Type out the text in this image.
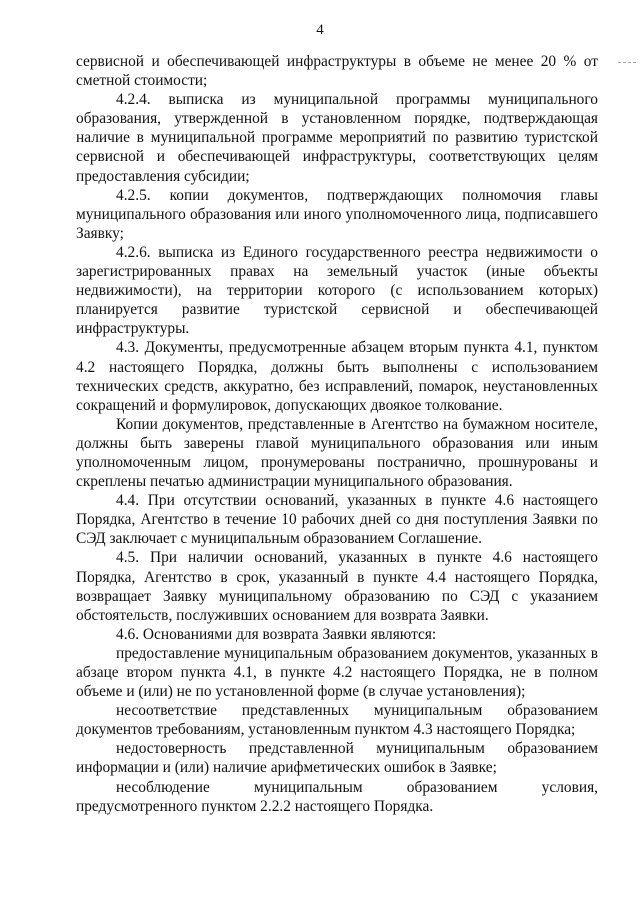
4

сервисной и обеспечивающей инфраструктуры в объеме не менее 20 % от сметной стоимости;

4.2.4. выписка из муниципальной программы муниципального образования, утвержденной в установленном порядке, подтверждающая наличие в муниципальной программе мероприятий по развитию туристской сервисной и обеспечивающей инфраструктуры, соответствующих целям предоставления субсидии;

4.2.5. копии документов, подтверждающих полномочия главы муниципального образования или иного уполномоченного лица, подписавшего Заявку;

4.2.6. выписка из Единого государственного реестра недвижимости о зарегистрированных правах на земельный участок (иные объекты недвижимости), на территории которого (с использованием которых) планируется развитие туристской сервисной и обеспечивающей инфраструктуры.

4.3. Документы, предусмотренные абзацем вторым пункта 4.1, пунктом 4.2 настоящего Порядка, должны быть выполнены с использованием технических средств, аккуратно, без исправлений, помарок, неустановленных сокращений и формулировок, допускающих двоякое толкование.

Копии документов, представленные в Агентство на бумажном носителе, должны быть заверены главой муниципального образования или иным уполномоченным лицом, пронумерованы постранично, прошнурованы и скреплены печатью администрации муниципального образования.

4.4. При отсутствии оснований, указанных в пункте 4.6 настоящего Порядка, Агентство в течение 10 рабочих дней со дня поступления Заявки по СЭД заключает с муниципальным образованием Соглашение.

4.5. При наличии оснований, указанных в пункте 4.6 настоящего Порядка, Агентство в срок, указанный в пункте 4.4 настоящего Порядка, возвращает Заявку муниципальному образованию по СЭД с указанием обстоятельств, послуживших основанием для возврата Заявки.

4.6. Основаниями для возврата Заявки являются:

предоставление муниципальным образованием документов, указанных в абзаце втором пункта 4.1, в пункте 4.2 настоящего Порядка, не в полном объеме и (или) не по установленной форме (в случае установления);

несоответствие представленных муниципальным образованием документов требованиям, установленным пунктом 4.3 настоящего Порядка;

недостоверность представленной муниципальным образованием информации и (или) наличие арифметических ошибок в Заявке;

несоблюдение муниципальным образованием условия, предусмотренного пунктом 2.2.2 настоящего Порядка.
